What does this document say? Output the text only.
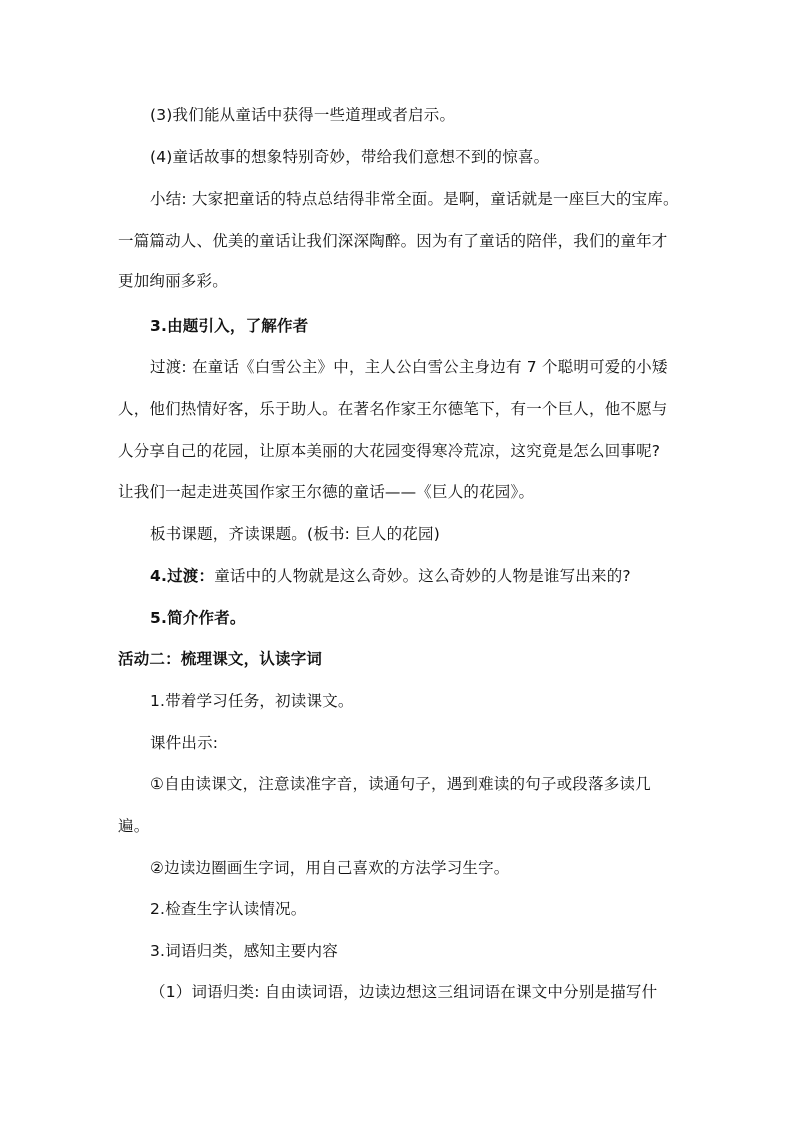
(3)我们能从童话中获得一些道理或者启示。
(4)童话故事的想象特别奇妙，带给我们意想不到的惊喜。
小结: 大家把童话的特点总结得非常全面。是啊，童话就是一座巨大的宝库。
一篇篇动人、优美的童话让我们深深陶醉。因为有了童话的陪伴，我们的童年才
更加绚丽多彩。
3.由题引入，了解作者
过渡: 在童话《白雪公主》中，主人公白雪公主身边有 7 个聪明可爱的小矮
人，他们热情好客，乐于助人。在著名作家王尔德笔下，有一个巨人，他不愿与
人分享自己的花园，让原本美丽的大花园变得寒冷荒凉，这究竟是怎么回事呢?
让我们一起走进英国作家王尔德的童话——《巨人的花园》。
板书课题，齐读课题。(板书: 巨人的花园)
4.过渡：童话中的人物就是这么奇妙。这么奇妙的人物是谁写出来的?
5.简介作者。
活动二：梳理课文，认读字词
1.带着学习任务，初读课文。
课件出示:
①自由读课文，注意读准字音，读通句子，遇到难读的句子或段落多读几
遍。
②边读边圈画生字词，用自己喜欢的方法学习生字。
2.检查生字认读情况。
3.词语归类，感知主要内容
（1）词语归类: 自由读词语，边读边想这三组词语在课文中分别是描写什
